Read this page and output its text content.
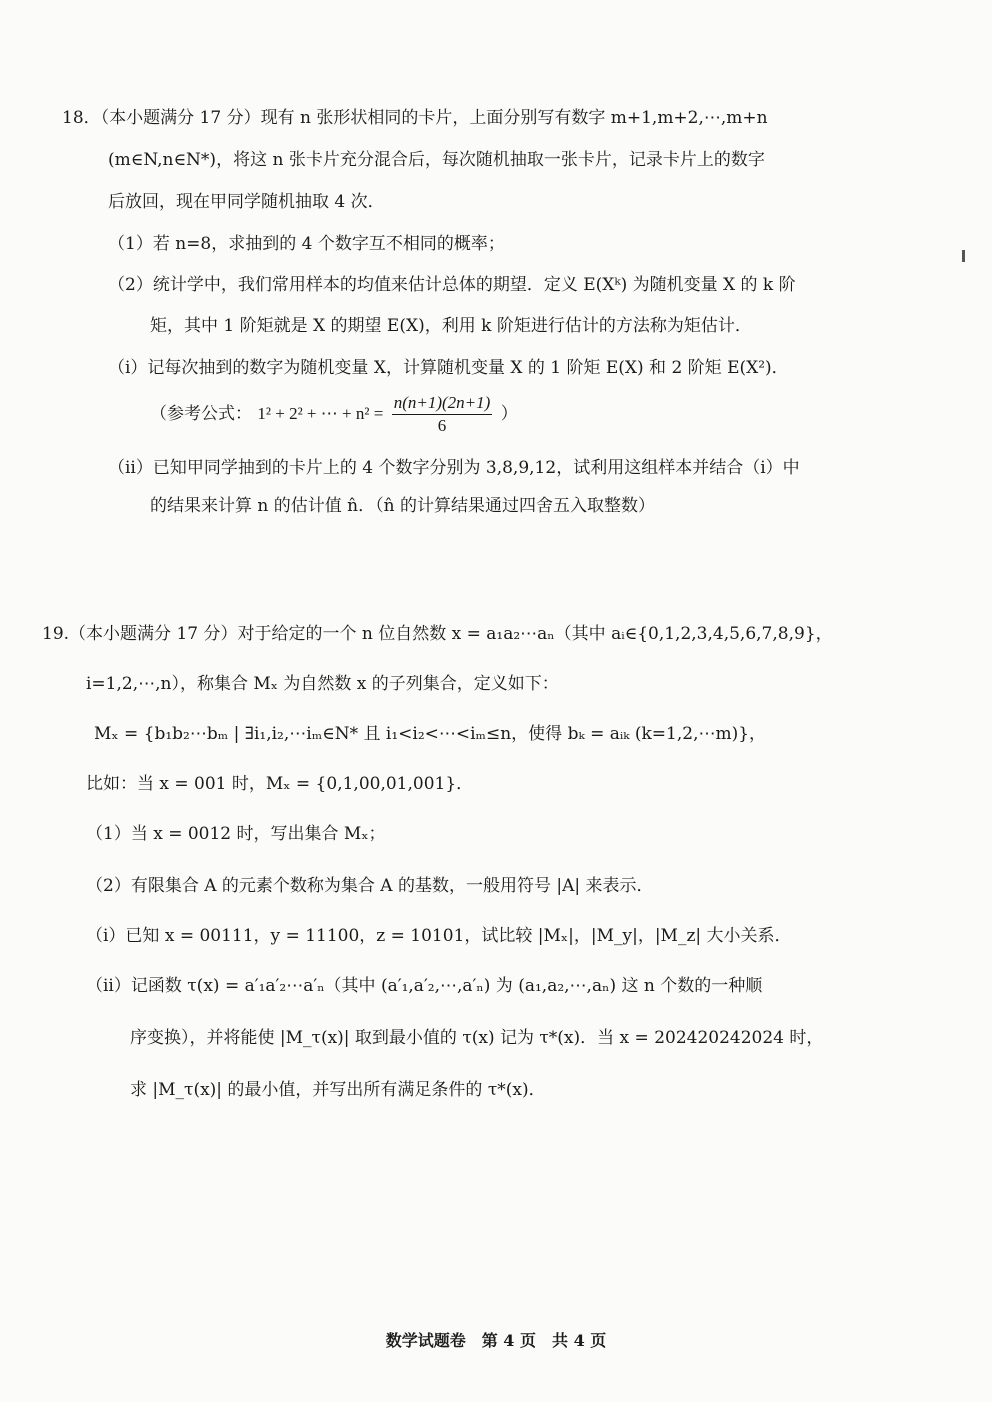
18．（本小题满分 17 分）现有 n 张形状相同的卡片，上面分别写有数字 m+1,m+2,⋯,m+n
(m∈N,n∈N*)，将这 n 张卡片充分混合后，每次随机抽取一张卡片，记录卡片上的数字
后放回，现在甲同学随机抽取 4 次．
（1）若 n=8，求抽到的 4 个数字互不相同的概率；
（2）统计学中，我们常用样本的均值来估计总体的期望．定义 E(Xᵏ) 为随机变量 X 的 k 阶
矩，其中 1 阶矩就是 X 的期望 E(X)，利用 k 阶矩进行估计的方法称为矩估计．
（i）记每次抽到的数字为随机变量 X，计算随机变量 X 的 1 阶矩 E(X) 和 2 阶矩 E(X²)．
（参考公式： 1² + 2² + ⋯ + $n^2 = \frac{n(n+1)(2n+1)}{6}$ ）
（ii）已知甲同学抽到的卡片上的 4 个数字分别为 3,8,9,12，试利用这组样本并结合（i）中
的结果来计算 n 的估计值 n̂．（n̂ 的计算结果通过四舍五入取整数）
19.（本小题满分 17 分）对于给定的一个 n 位自然数 x = a₁a₂⋯aₙ（其中 aᵢ∈{0,1,2,3,4,5,6,7,8,9}，
i=1,2,⋯,n），称集合 Mₓ 为自然数 x 的子列集合，定义如下：
Mₓ = {b₁b₂⋯bₘ | ∃i₁,i₂,⋯iₘ∈N* 且 i₁<i₂<⋯<iₘ≤n，使得 bₖ = aᵢₖ (k=1,2,⋯m)}，
比如：当 x = 001 时，Mₓ = {0,1,00,01,001}．
（1）当 x = 0012 时，写出集合 Mₓ；
（2）有限集合 A 的元素个数称为集合 A 的基数，一般用符号 |A| 来表示．
（i）已知 x = 00111，y = 11100，z = 10101，试比较 |Mₓ|，|M_y|，|M_z| 大小关系．
（ii）记函数 τ(x) = a′₁a′₂⋯a′ₙ（其中 (a′₁,a′₂,⋯,a′ₙ) 为 (a₁,a₂,⋯,aₙ) 这 n 个数的一种顺
序变换），并将能使 |M_τ(x)| 取到最小值的 τ(x) 记为 τ*(x)．当 x = 202420242024 时，
求 |M_τ(x)| 的最小值，并写出所有满足条件的 τ*(x)．
数学试题卷　第 4 页　共 4 页
